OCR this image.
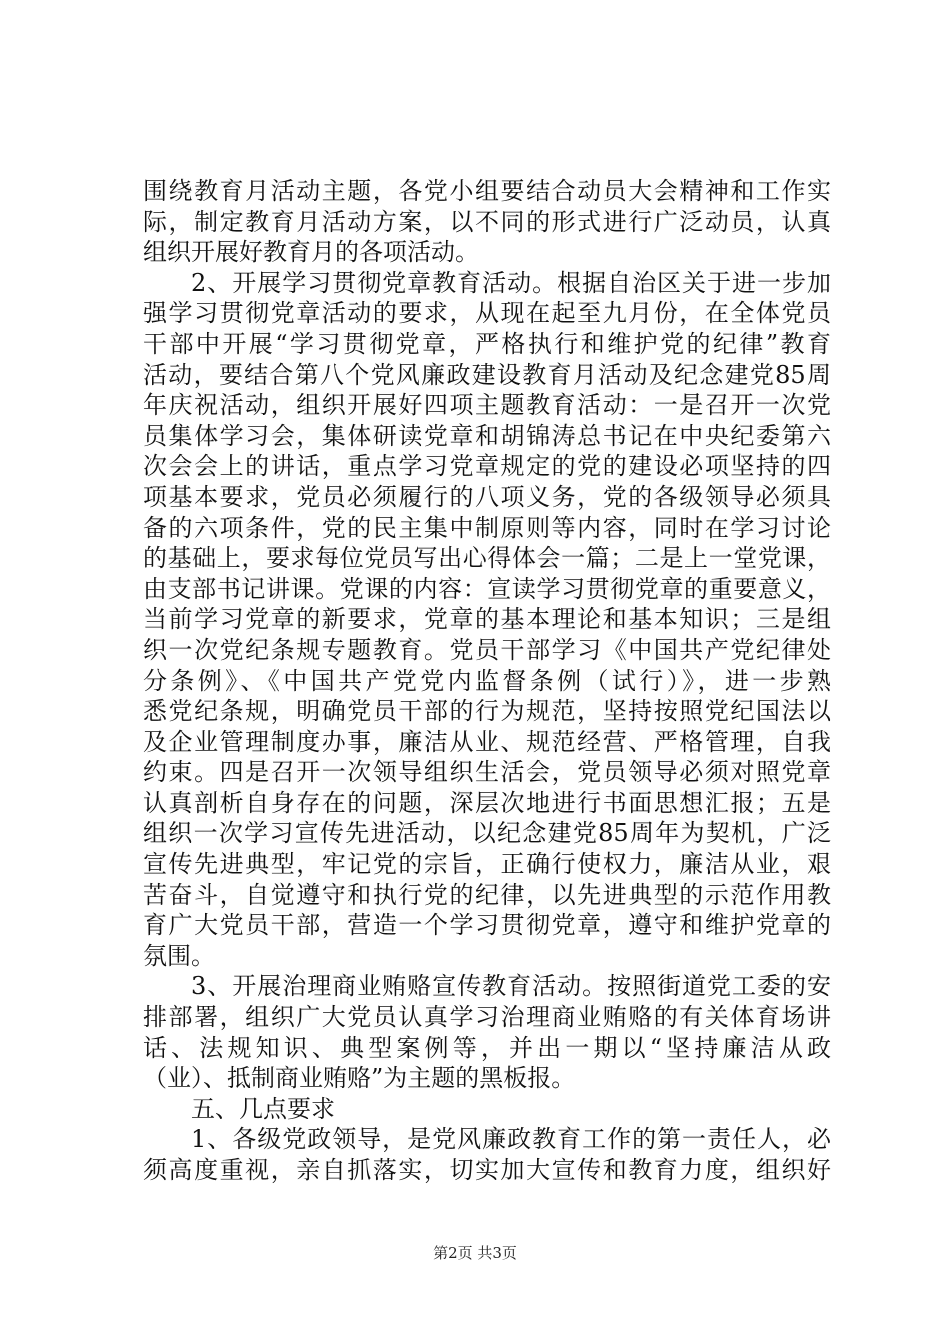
围绕教育月活动主题，各党小组要结合动员大会精神和工作实
际，制定教育月活动方案，以不同的形式进行广泛动员，认真
组织开展好教育月的各项活动。
2、开展学习贯彻党章教育活动。根据自治区关于进一步加
强学习贯彻党章活动的要求，从现在起至九月份，在全体党员
干部中开展“学习贯彻党章，严格执行和维护党的纪律”教育
活动，要结合第八个党风廉政建设教育月活动及纪念建党85周
年庆祝活动，组织开展好四项主题教育活动：一是召开一次党
员集体学习会，集体研读党章和胡锦涛总书记在中央纪委第六
次会会上的讲话，重点学习党章规定的党的建设必项坚持的四
项基本要求，党员必须履行的八项义务，党的各级领导必须具
备的六项条件，党的民主集中制原则等内容，同时在学习讨论
的基础上，要求每位党员写出心得体会一篇；二是上一堂党课，
由支部书记讲课。党课的内容：宣读学习贯彻党章的重要意义，
当前学习党章的新要求，党章的基本理论和基本知识；三是组
织一次党纪条规专题教育。党员干部学习《中国共产党纪律处
分条例》、《中国共产党党内监督条例（试行）》，进一步熟
悉党纪条规，明确党员干部的行为规范，坚持按照党纪国法以
及企业管理制度办事，廉洁从业、规范经营、严格管理，自我
约束。四是召开一次领导组织生活会，党员领导必须对照党章
认真剖析自身存在的问题，深层次地进行书面思想汇报；五是
组织一次学习宣传先进活动，以纪念建党85周年为契机，广泛
宣传先进典型，牢记党的宗旨，正确行使权力，廉洁从业，艰
苦奋斗，自觉遵守和执行党的纪律，以先进典型的示范作用教
育广大党员干部，营造一个学习贯彻党章，遵守和维护党章的
氛围。
3、开展治理商业贿赂宣传教育活动。按照街道党工委的安
排部署，组织广大党员认真学习治理商业贿赂的有关体育场讲
话、法规知识、典型案例等，并出一期以“坚持廉洁从政
（业）、抵制商业贿赂”为主题的黑板报。
五、几点要求
1、各级党政领导，是党风廉政教育工作的第一责任人，必
须高度重视，亲自抓落实，切实加大宣传和教育力度，组织好
第2页 共3页
